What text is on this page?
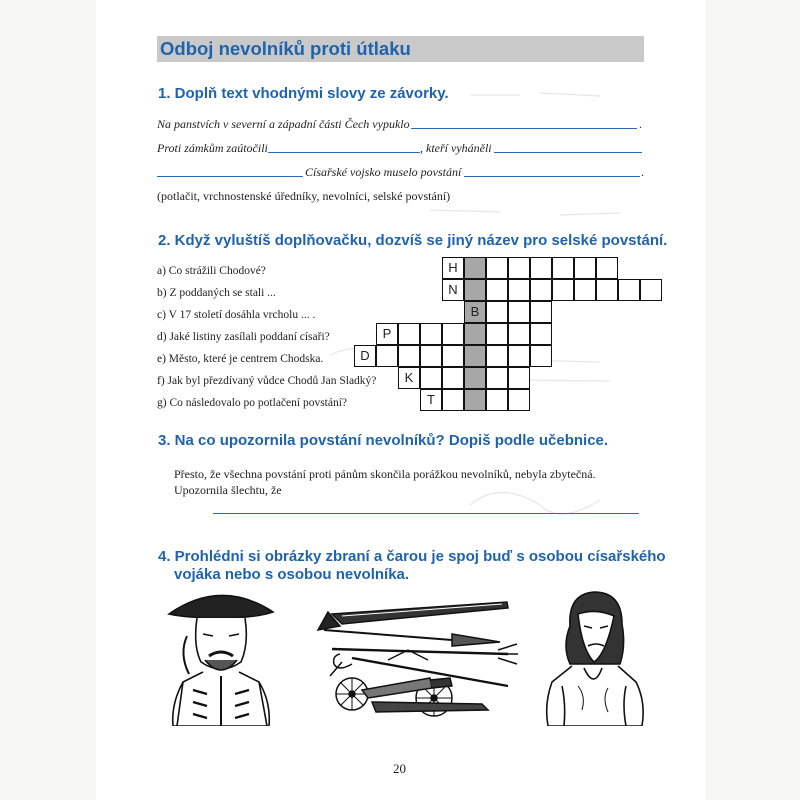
Odboj nevolníků proti útlaku
1. Doplň text vhodnými slovy ze závorky.
Na panstvích v severní a západní části Čech vypuklo	.
Proti zámkům zaútočili	, kteří vyháněli
Císařské vojsko muselo povstání	.
(potlačit, vrchnostenské úředníky, nevolníci, selské povstání)
2. Když vyluštíš doplňovačku, dozvíš se jiný název pro selské povstání.
a) Co strážili Chodové?
b) Z poddaných se stali ...
c) V 17 století dosáhla vrcholu ... .
d) Jaké listiny zasílali poddaní císaři?
e) Město, které je centrem Chodska.
f) Jak byl přezdívaný vůdce Chodů Jan Sladký?
g) Co následovalo po potlačení povstání?
H
N
B
P
D
K
T
3. Na co upozornila povstání nevolníků? Dopiš podle učebnice.
Přesto, že všechna povstání proti pánům skončila porážkou nevolníků, nebyla zbytečná. Upozornila šlechtu, že
4. Prohlédni si obrázky zbraní a čarou je spoj buď s osobou císařského
vojáka nebo s osobou nevolníka.
20
